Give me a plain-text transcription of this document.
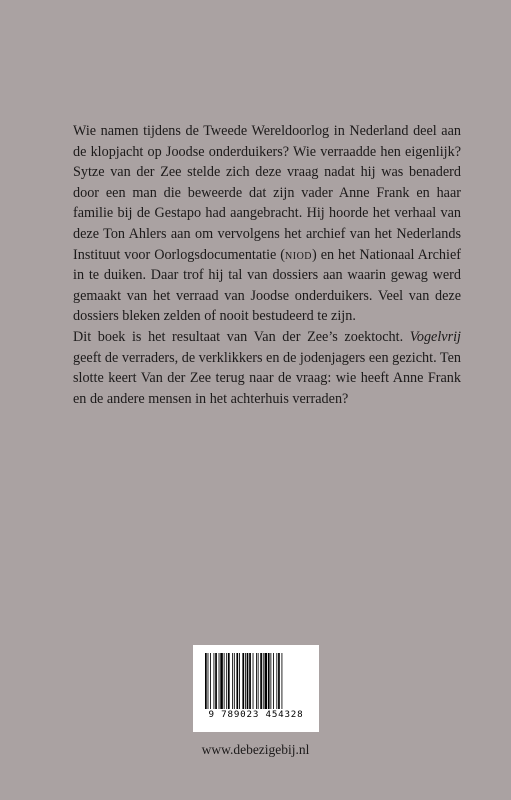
Wie namen tijdens de Tweede Wereldoorlog in Nederland deel aan de klopjacht op Joodse onderduikers? Wie verraadde hen eigenlijk? Sytze van der Zee stelde zich deze vraag nadat hij was benaderd door een man die beweerde dat zijn vader Anne Frank en haar familie bij de Gestapo had aangebracht. Hij hoorde het verhaal van deze Ton Ahlers aan om vervolgens het archief van het Nederlands Instituut voor Oorlogsdocumentatie (niod) en het Nationaal Archief in te duiken. Daar trof hij tal van dossiers aan waarin gewag werd gemaakt van het verraad van Joodse onderduikers. Veel van deze dossiers bleken zelden of nooit bestudeerd te zijn.

Dit boek is het resultaat van Van der Zee’s zoektocht. Vogelvrij geeft de verraders, de verklikkers en de jodenjagers een gezicht. Ten slotte keert Van der Zee terug naar de vraag: wie heeft Anne Frank en de andere mensen in het achterhuis verraden?

9 789023 454328
www.debezigebij.nl
